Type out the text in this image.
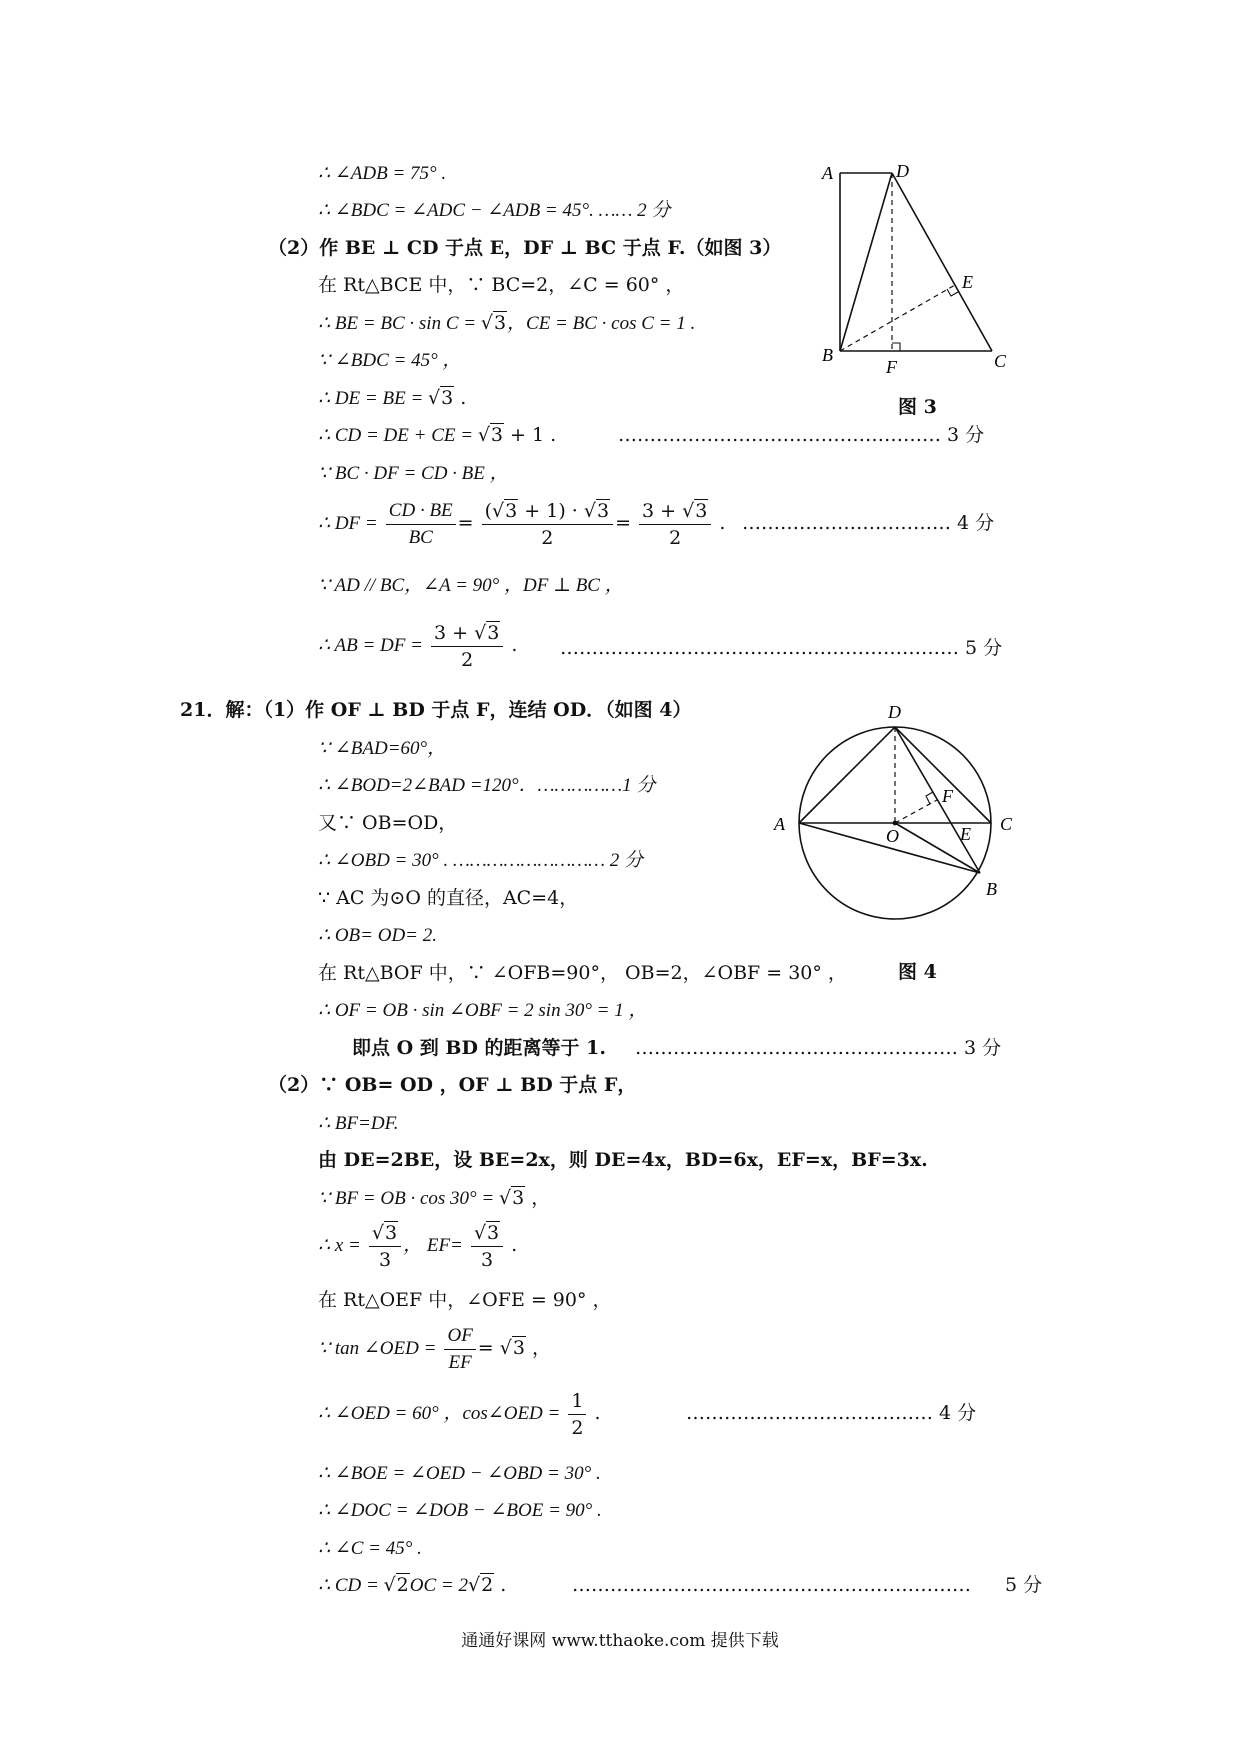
∴ ∠ADB = 75° .
∴ ∠BDC = ∠ADC − ∠ADB = 45°. …… 2 分
（2）作 BE ⊥ CD 于点 E，DF ⊥ BC 于点 F.（如图 3）
在 Rt△BCE 中，∵ BC=2，∠C = 60° ，
∴ BE = BC · sin C = √3，CE = BC · cos C = 1 .
∵ ∠BDC = 45° ，
∴ DE = BE = √3 .
∴ CD = DE + CE = √3 + 1 .	…………………………………………… 3 分
∵ BC · DF = CD · BE ，
∴ DF = $\frac{CD \cdot BE}{BC} = \frac{(√3 + 1) \cdot √3}{2} = \frac{3 + √3}{2}$ . …………………………… 4 分
∵ AD // BC，∠A = 90° ，DF ⊥ BC ，
∴ AB = DF = $\frac{3 + √3}{2}$ . ……………………………………………………… 5 分
A	D
E
B
F	C
图 3
21．解：（1）作 OF ⊥ BD 于点 F，连结 OD．（如图 4）
∵ ∠BAD=60°，
∴ ∠BOD=2∠BAD =120°．……………1 分
又∵ OB=OD，
∴ ∠OBD = 30° . ……………………… 2 分
∵ AC 为⊙O 的直径，AC=4，
∴ OB= OD= 2.
在 Rt△BOF 中，∵ ∠OFB=90°， OB=2，∠OBF = 30° ，
∴ OF = OB · sin ∠OBF = 2 sin 30° = 1 ，
即点 O 到 BD 的距离等于 1. …………………………………………… 3 分
D
F
A
O	E C
B
图 4
（2）∵ OB= OD ，OF ⊥ BD 于点 F，
∴ BF=DF.
由 DE=2BE，设 BE=2x，则 DE=4x，BD=6x，EF=x，BF=3x.
∵ BF = OB · cos 30° = √3 ，
∴ $x = \frac{√3}{3}$ ， $EF= \frac{√3}{3}$ .
在 Rt△OEF 中，∠OFE = 90° ，
∵ tan ∠OED = $\frac{OF}{EF} = √3$ ，
∴ ∠OED = 60° ，cos∠OED = $\frac{1}{2}$ .	………………………………… 4 分
∴ ∠BOE = ∠OED − ∠OBD = 30° .
∴ ∠DOC = ∠DOB − ∠BOE = 90° .
∴ ∠C = 45° .
∴ CD = √2OC = 2√2 .	……………………………………………………… 5 分
通通好课网 www.tthaoke.com 提供下载
